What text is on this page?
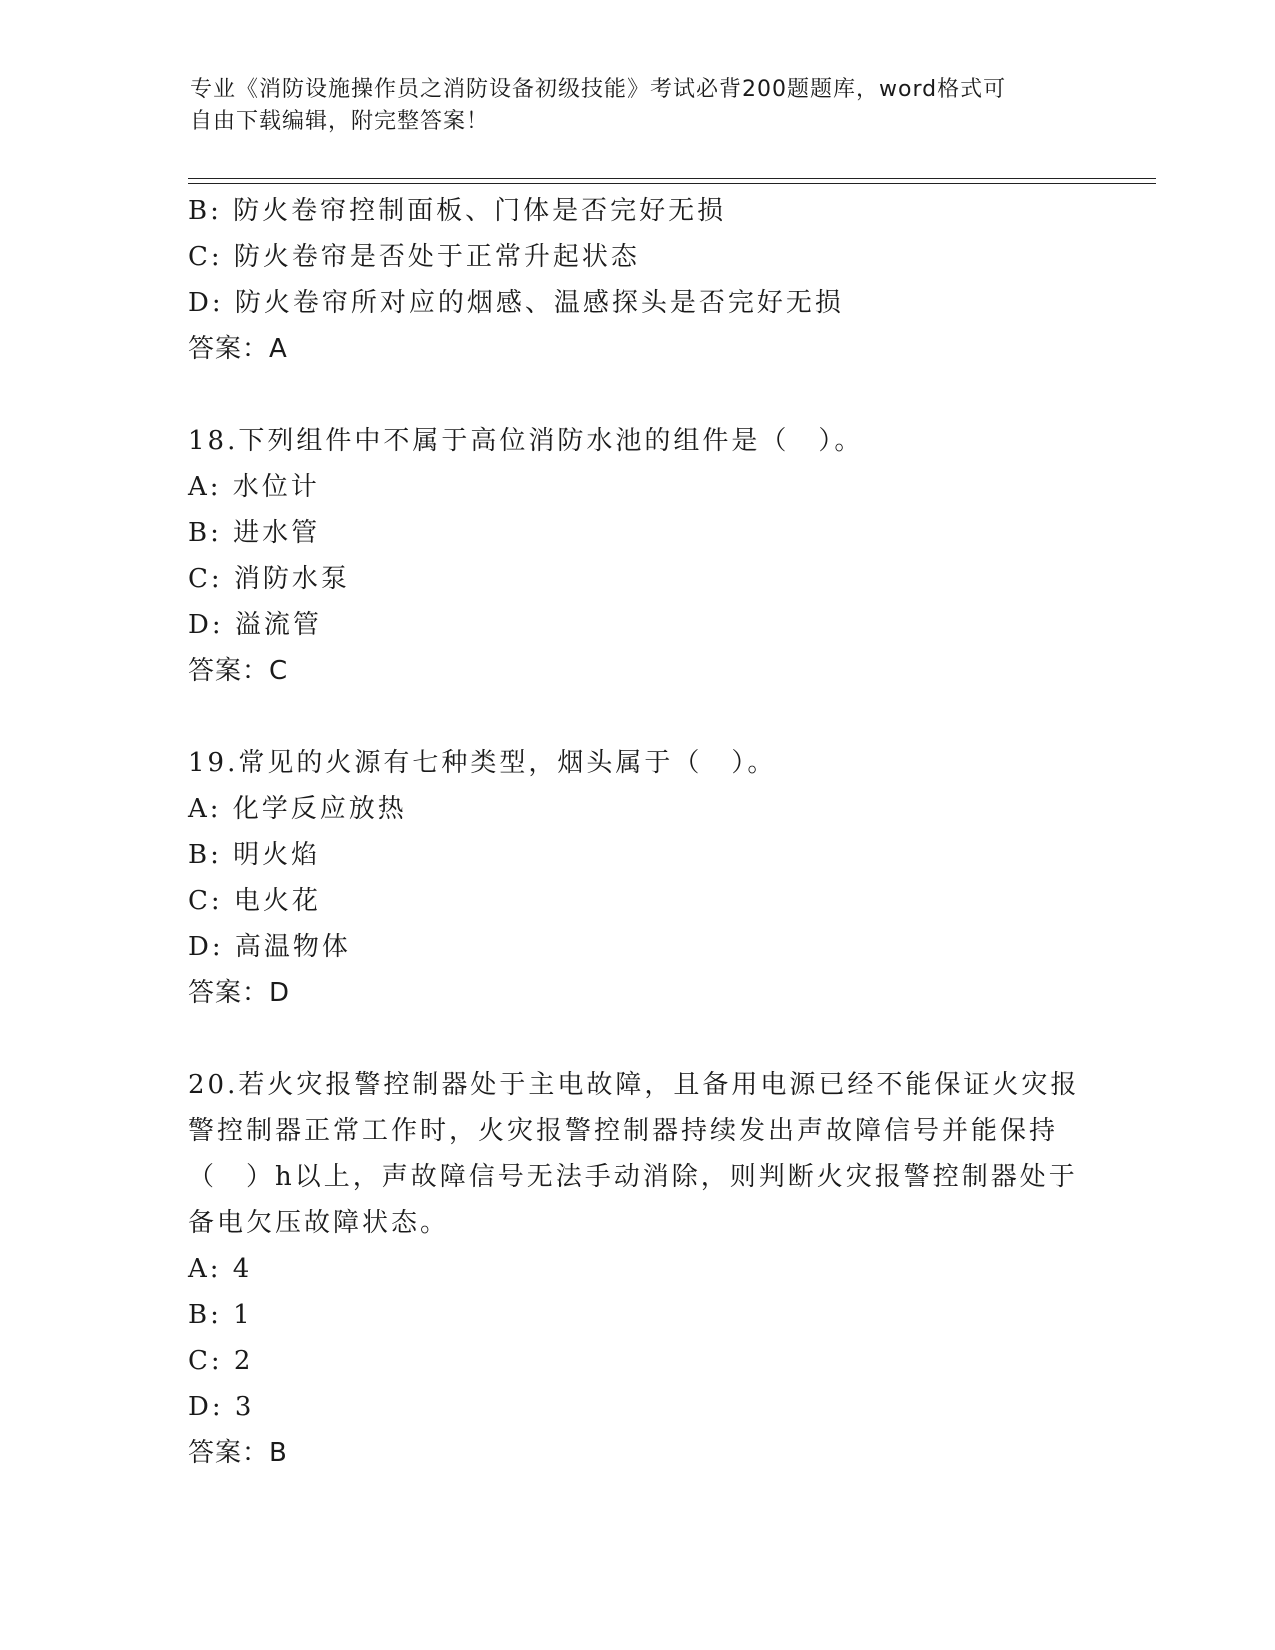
专业《消防设施操作员之消防设备初级技能》考试必背200题题库，word格式可
自由下载编辑，附完整答案！
B: 防火卷帘控制面板、门体是否完好无损
C: 防火卷帘是否处于正常升起状态
D: 防火卷帘所对应的烟感、温感探头是否完好无损
答案：A
18.下列组件中不属于高位消防水池的组件是（　）。
A: 水位计
B: 进水管
C: 消防水泵
D: 溢流管
答案：C
19.常见的火源有七种类型，烟头属于（　）。
A: 化学反应放热
B: 明火焰
C: 电火花
D: 高温物体
答案：D
20.若火灾报警控制器处于主电故障，且备用电源已经不能保证火灾报
警控制器正常工作时，火灾报警控制器持续发出声故障信号并能保持
（　）h以上，声故障信号无法手动消除，则判断火灾报警控制器处于
备电欠压故障状态。
A: 4
B: 1
C: 2
D: 3
答案：B
